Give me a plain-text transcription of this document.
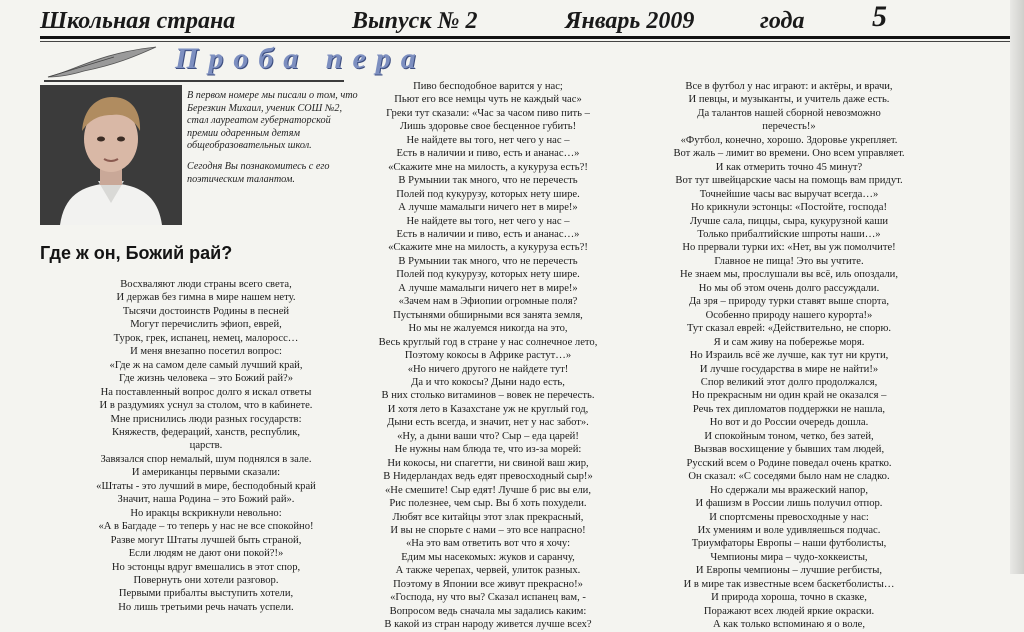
Школьная страна	Выпуск № 2	Январь 2009	года 5
Проба пера

В первом номере мы писали о том, что Березкин Михаил, ученик СОШ №2, стал лауреатом губернаторской премии одаренным детям общеобразовательных школ.

Сегодня Вы познакомитесь с его поэтическим талантом.

Где ж он, Божий рай?
Восхваляют люди страны всего света,
И держав без гимна в мире нашем нету.
Тысячи достоинств Родины в песней
Могут перечислить эфиоп, еврей,
Турок, грек, испанец, немец, малоросс…
И меня внезапно посетил вопрос:
«Где ж на самом деле самый лучший край,
Где жизнь человека – это Божий рай?»
На поставленный вопрос долго я искал ответы
И в раздумиях уснул за столом, что в кабинете.
Мне приснились люди разных государств:
Княжеств, федераций, ханств, республик,
царств.
Завязался спор немалый, шум поднялся в зале.
И американцы первыми сказали:
«Штаты - это лучший в мире, бесподобный край
Значит, наша Родина – это Божий рай».
Но иракцы вскрикнули невольно:
«А в Багдаде – то теперь у нас не все спокойно!
Разве могут Штаты лучшей быть страной,
Если людям не дают они покой?!»
Но эстонцы вдруг вмешались в этот спор,
Повернуть они хотели разговор.
Первыми прибалты выступить хотели,
Но лишь третьими речь начать успели.
Пиво бесподобное варится у нас;
Пьют его все немцы чуть не каждый час»
Греки тут сказали: «Час за часом пиво пить –
Лишь здоровье свое бесценное губить!
Не найдете вы того, нет чего у нас –
Есть в наличии и пиво, есть и ананас…»
«Скажите мне на милость, а кукуруза есть?!
В Румынии так много, что не перечесть
Полей под кукурузу, которых нету шире.
А лучше мамалыги ничего нет в мире!»
Не найдете вы того, нет чего у нас –
Есть в наличии и пиво, есть и ананас…»
«Скажите мне на милость, а кукуруза есть?!
В Румынии так много, что не перечесть
Полей под кукурузу, которых нету шире.
А лучше мамалыги ничего нет в мире!»
«Зачем нам в Эфиопии огромные поля?
Пустынями обширными вся занята земля,
Но мы не жалуемся никогда на это,
Весь круглый год в стране у нас солнечное лето,
Поэтому кокосы в Африке растут…»
«Но ничего другого не найдете тут!
Да и что кокосы? Дыни надо есть,
В них столько витаминов – вовек не перечесть.
И хотя лето в Казахстане уж не круглый год,
Дыни есть всегда, и значит, нет у нас забот».
«Ну, а дыни ваши что? Сыр – еда царей!
Не нужны нам блюда те, что из-за морей:
Ни кокосы, ни спагетти, ни свиной ваш жир,
В Нидерландах ведь едят превосходный сыр!»
«Не смешите! Сыр едят! Лучше б рис вы ели,
Рис полезнее, чем сыр. Вы б хоть похудели.
Любят все китайцы этот злак прекрасный,
И вы не спорьте с нами – это все напрасно!
«На это вам ответить вот что я хочу:
Едим мы насекомых: жуков и саранчу,
А также черепах, червей, улиток разных.
Поэтому в Японии все живут прекрасно!»
«Господа, ну что вы? Сказал испанец вам, -
Вопросом ведь сначала мы задались каким:
В какой из стран народу живется лучше всех?
Все в футбол у нас играют: и актёры, и врачи,
И певцы, и музыканты, и учитель даже есть.
Да талантов нашей сборной невозможно
перечесть!»
«Футбол, конечно, хорошо. Здоровье укрепляет.
Вот жаль – лимит во времени. Оно всем управляет.
И как отмерить точно 45 минут?
Вот тут швейцарские часы на помощь вам придут.
Точнейшие часы вас выручат всегда…»
Но крикнули эстонцы: «Постойте, господа!
Лучше сала, пиццы, сыра, кукурузной каши
Только прибалтийские шпроты наши…»
Но прервали турки их: «Нет, вы уж помолчите!
Главное не пища! Это вы учтите.
Не знаем мы, прослушали вы всё, иль опоздали,
Но мы об этом очень долго рассуждали.
Да зря – природу турки ставят выше спорта,
Особенно природу нашего курорта!»
Тут сказал еврей: «Действительно, не спорю.
Я и сам живу на побережье моря.
Но Израиль всё же лучше, как тут ни крути,
И лучше государства в мире не найти!»
Спор великий этот долго продолжался,
Но прекрасным ни один край не оказался –
Речь тех дипломатов поддержки не нашла,
Но вот и до России очередь дошла.
И спокойным тоном, четко, без затей,
Вызвав восхищение у бывших там людей,
Русский всем о Родине поведал очень кратко.
Он сказал: «С соседями было нам не сладко.
Но сдержали мы вражеский напор,
И фашизм в России лишь получил отпор.
И спортсмены превосходные у нас:
Их умениям и воле удивляешься подчас.
Триумфаторы Европы – наши футболисты,
Чемпионы мира – чудо-хоккеисты,
И Европы чемпионы – лучшие регбисты,
И в мире так известные всем баскетболисты…
И природа хороша, точно в сказке,
Поражают всех людей яркие окраски.
А как только вспоминаю я о воле,
